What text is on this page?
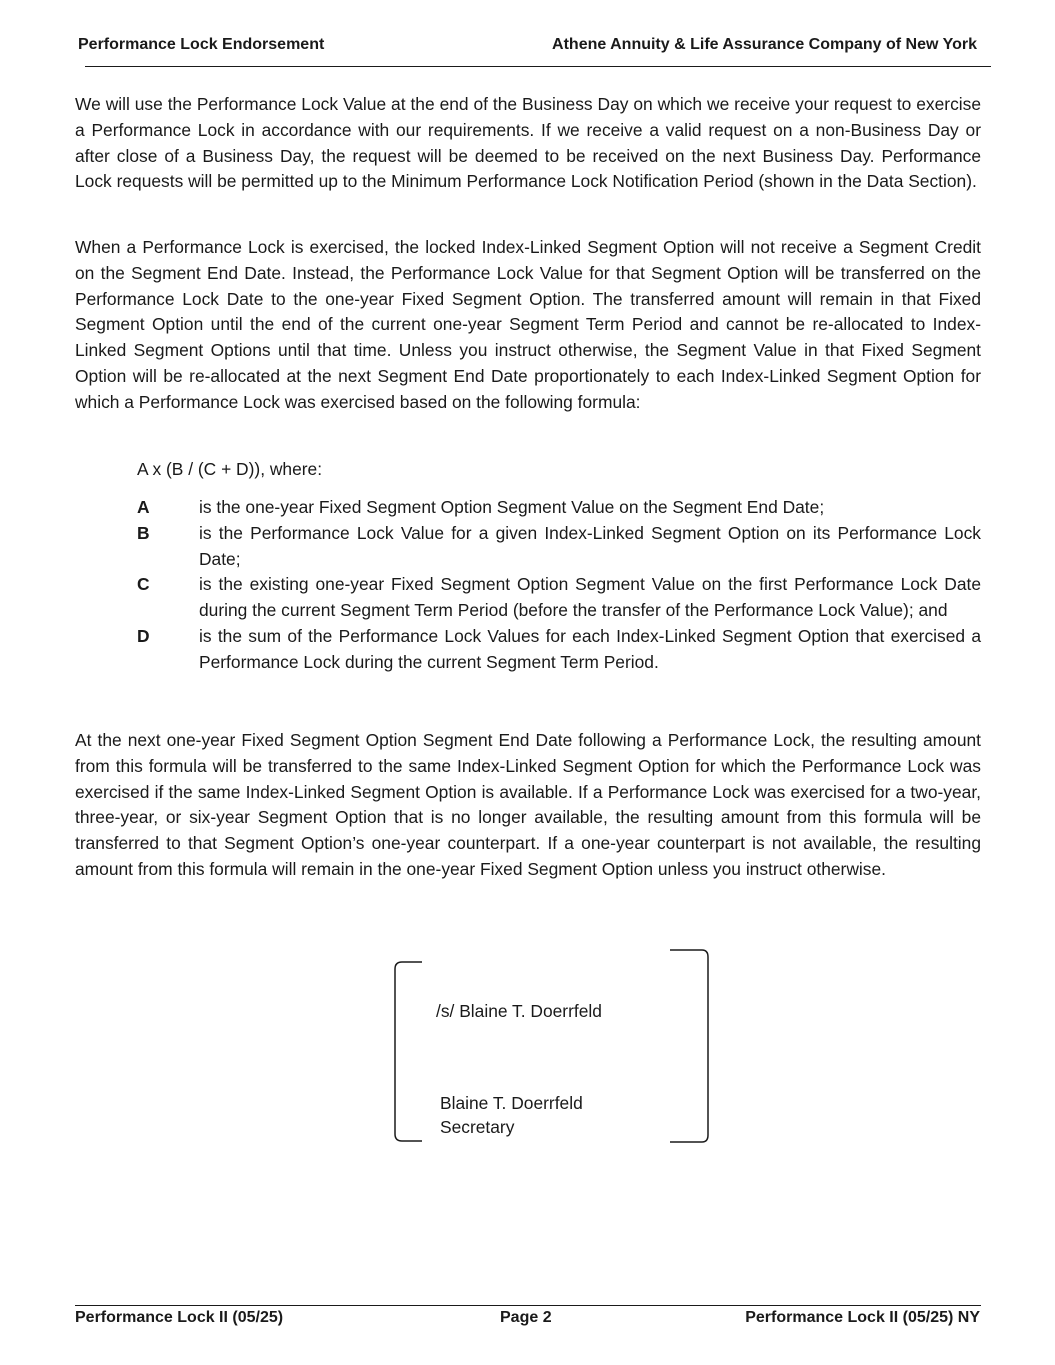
Performance Lock Endorsement	Athene Annuity & Life Assurance Company of New York

We will use the Performance Lock Value at the end of the Business Day on which we receive your request to exercise a Performance Lock in accordance with our requirements. If we receive a valid request on a non-Business Day or after close of a Business Day, the request will be deemed to be received on the next Business Day. Performance Lock requests will be permitted up to the Minimum Performance Lock Notification Period (shown in the Data Section).

When a Performance Lock is exercised, the locked Index-Linked Segment Option will not receive a Segment Credit on the Segment End Date. Instead, the Performance Lock Value for that Segment Option will be transferred on the Performance Lock Date to the one-year Fixed Segment Option. The transferred amount will remain in that Fixed Segment Option until the end of the current one-year Segment Term Period and cannot be re-allocated to Index-Linked Segment Options until that time. Unless you instruct otherwise, the Segment Value in that Fixed Segment Option will be re-allocated at the next Segment End Date proportionately to each Index-Linked Segment Option for which a Performance Lock was exercised based on the following formula:

A x (B / (C + D)), where:
A	is the one-year Fixed Segment Option Segment Value on the Segment End Date;
B	is the Performance Lock Value for a given Index-Linked Segment Option on its Performance Lock Date;
C	is the existing one-year Fixed Segment Option Segment Value on the first Performance Lock Date during the current Segment Term Period (before the transfer of the Performance Lock Value); and
D	is the sum of the Performance Lock Values for each Index-Linked Segment Option that exercised a Performance Lock during the current Segment Term Period.

At the next one-year Fixed Segment Option Segment End Date following a Performance Lock, the resulting amount from this formula will be transferred to the same Index-Linked Segment Option for which the Performance Lock was exercised if the same Index-Linked Segment Option is available. If a Performance Lock was exercised for a two-year, three-year, or six-year Segment Option that is no longer available, the resulting amount from this formula will be transferred to that Segment Option’s one-year counterpart. If a one-year counterpart is not available, the resulting amount from this formula will remain in the one-year Fixed Segment Option unless you instruct otherwise.

/s/ Blaine T. Doerrfeld
Blaine T. Doerrfeld
Secretary
Performance Lock II (05/25)	Page 2	Performance Lock II (05/25) NY
